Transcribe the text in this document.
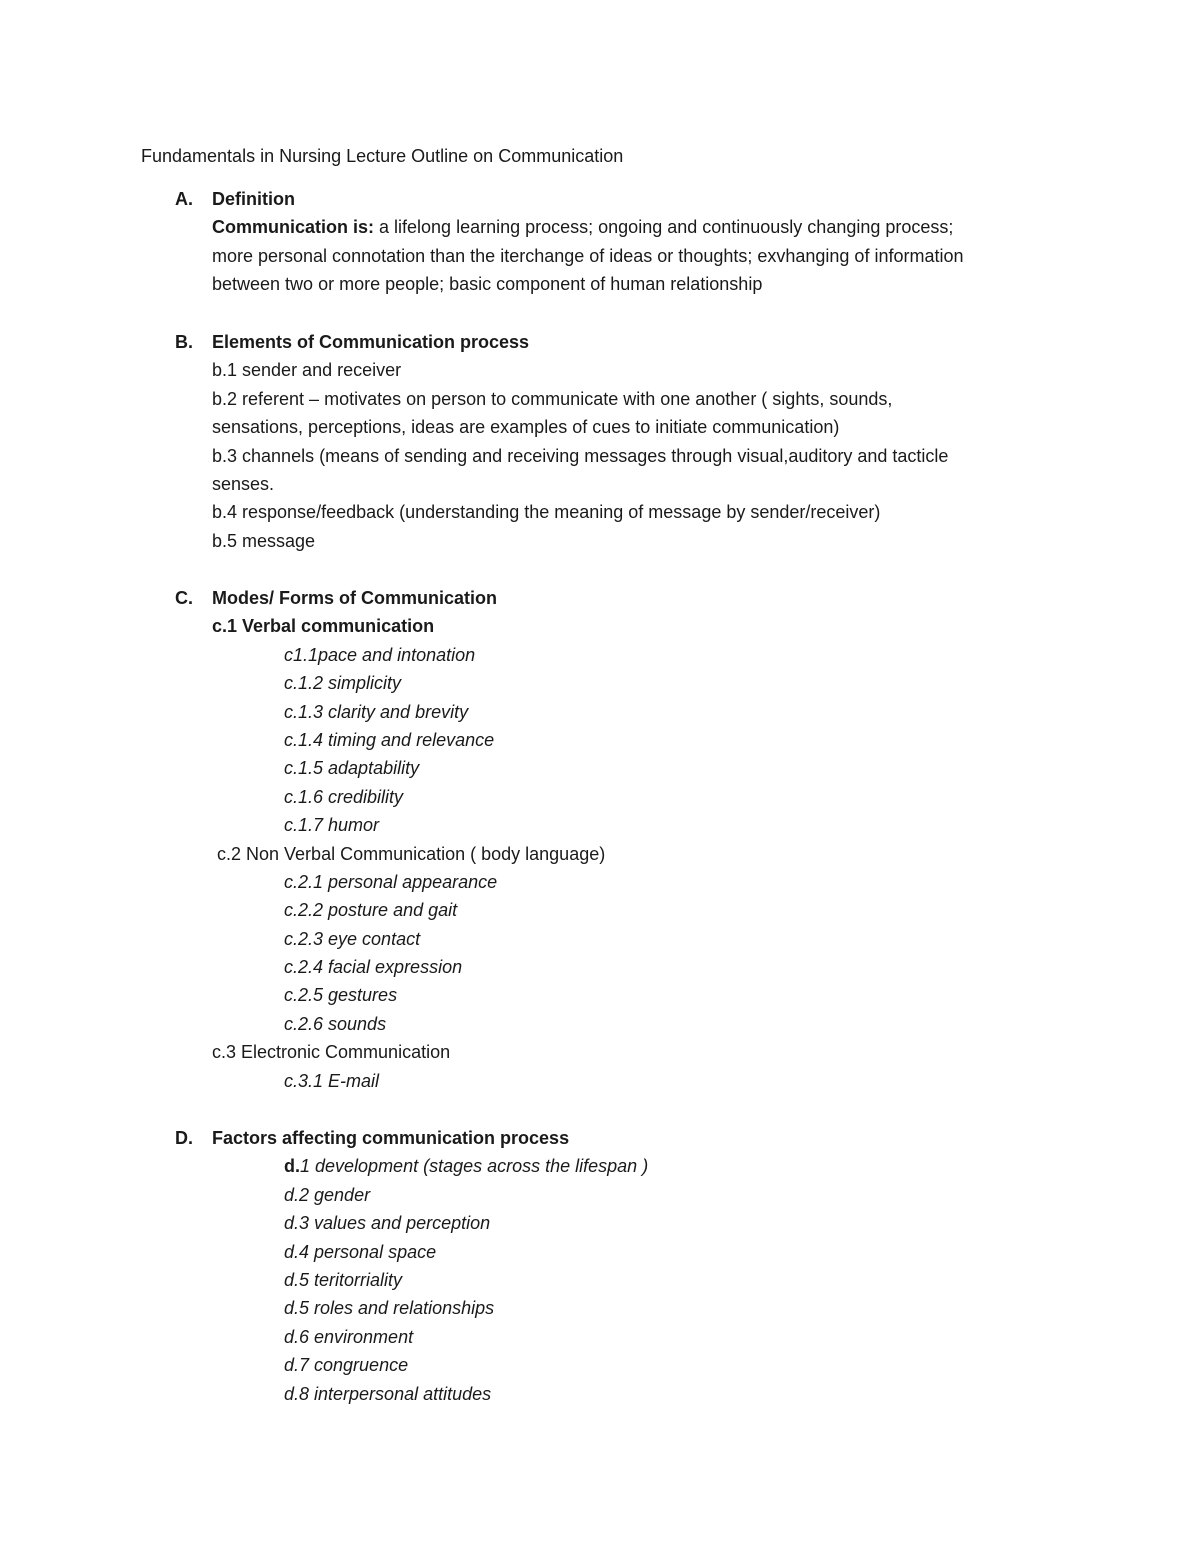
Fundamentals in Nursing Lecture Outline on Communication
A. Definition
Communication is: a lifelong learning process; ongoing and continuously changing process;
more personal connotation than the iterchange of ideas or thoughts; exvhanging of information
between two or more people; basic component of human relationship
B. Elements of Communication process
b.1 sender and receiver
b.2 referent – motivates on person to communicate with one another ( sights, sounds,
sensations, perceptions, ideas are examples of cues to initiate communication)
b.3 channels (means of sending and receiving messages through visual,auditory and tacticle
senses.
b.4 response/feedback (understanding the meaning of message by sender/receiver)
b.5 message
C. Modes/ Forms of Communication
c.1 Verbal communication
c1.1pace and intonation
c.1.2 simplicity
c.1.3 clarity and brevity
c.1.4 timing and relevance
c.1.5 adaptability
c.1.6 credibility
c.1.7 humor
c.2 Non Verbal Communication ( body language)
c.2.1 personal appearance
c.2.2 posture and gait
c.2.3 eye contact
c.2.4 facial expression
c.2.5 gestures
c.2.6 sounds
c.3 Electronic Communication
c.3.1 E-mail
D. Factors affecting communication process
d.1 development (stages across the lifespan )
d.2 gender
d.3 values and perception
d.4 personal space
d.5 teritorriality
d.5 roles and relationships
d.6 environment
d.7 congruence
d.8 interpersonal attitudes
